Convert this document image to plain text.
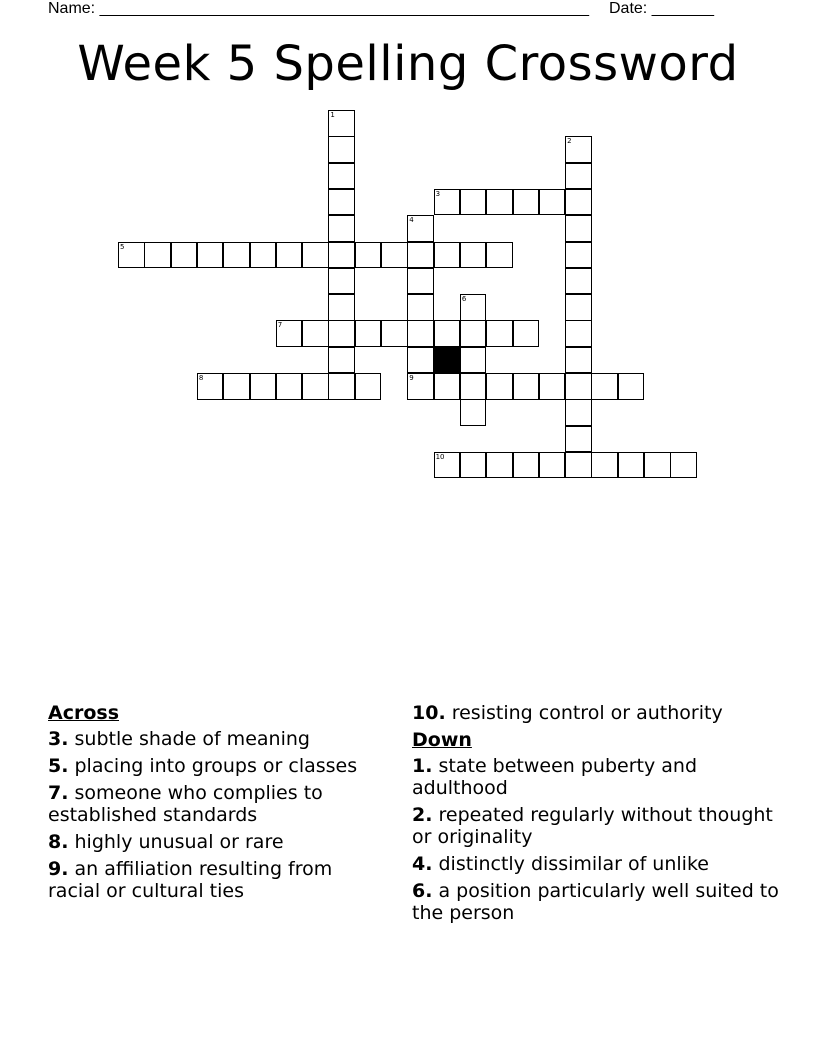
Name: _______________________________________________________ Date: _______
Week 5 Spelling Crossword
1
2
3
4
9
5
6
7
8
10
Across
3. subtle shade of meaning
5. placing into groups or classes
7. someone who complies to established standards
8. highly unusual or rare
9. an affiliation resulting from racial or cultural ties
10. resisting control or authority
Down
1. state between puberty and adulthood
2. repeated regularly without thought or originality
4. distinctly dissimilar of unlike
6. a position particularly well suited to the person
